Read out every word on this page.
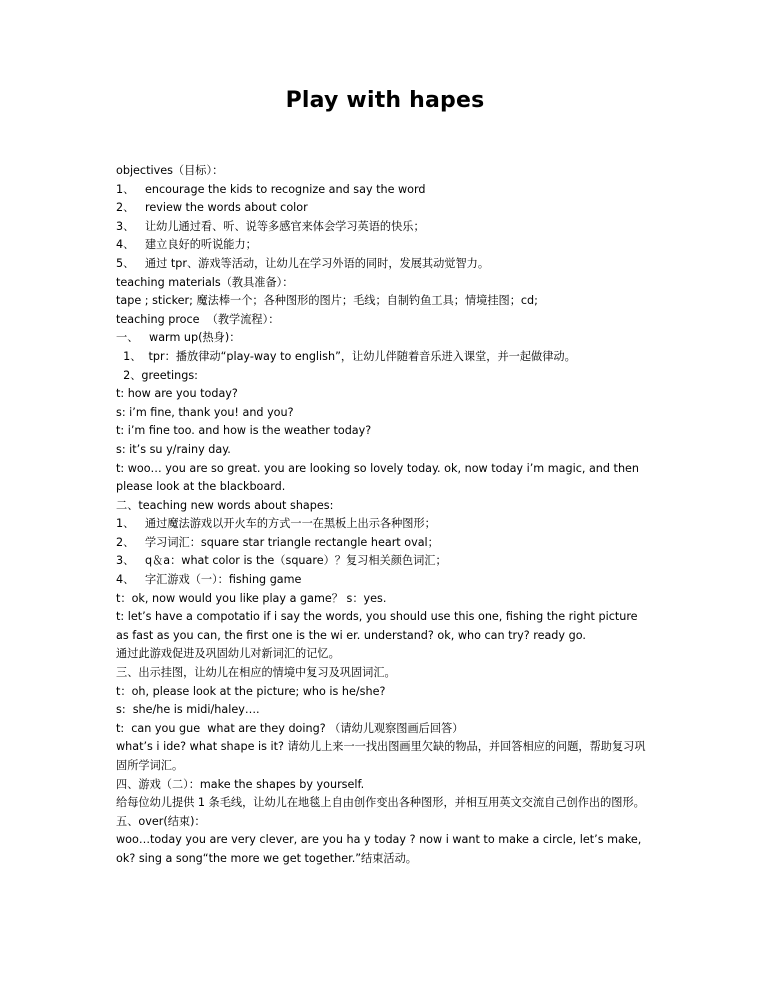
Play with hapes

objectives（目标）：

1、   encourage the kids to recognize and say the word

2、   review the words about color

3、   让幼儿通过看、听、说等多感官来体会学习英语的快乐；

4、   建立良好的听说能力；

5、   通过 tpr、游戏等活动，让幼儿在学习外语的同时，发展其动觉智力。

teaching materials（教具准备）：

tape ; sticker; 魔法棒一个；各种图形的图片；毛线；自制钓鱼工具；情境挂图；cd;

teaching proce  （教学流程）：

一、   warm up(热身)：

1、  tpr：播放律动“play-way to english”，让幼儿伴随着音乐进入课堂，并一起做律动。

2、greetings:

t: how are you today?

s: i’m fine, thank you! and you?

t: i’m fine too. and how is the weather today?

s: it’s su y/rainy day.

t: woo… you are so great. you are looking so lovely today. ok, now today i’m magic, and then please look at the blackboard.

二、teaching new words about shapes:

1、   通过魔法游戏以开火车的方式一一在黑板上出示各种图形；

2、   学习词汇：square star triangle rectangle heart oval；

3、   q＆a：what color is the（square）？复习相关颜色词汇；

4、   字汇游戏（一）：fishing game

t：ok, now would you like play a game？ s：yes.

t: let’s have a compotatio if i say the words, you should use this one, fishing the right picture as fast as you can, the first one is the wi er. understand? ok, who can try? ready go.

通过此游戏促进及巩固幼儿对新词汇的记忆。

三、出示挂图，让幼儿在相应的情境中复习及巩固词汇。

t：oh, please look at the picture; who is he/she?

s:  she/he is midi/haley….

t:  can you gue  what are they doing? （请幼儿观察图画后回答）

what’s i ide? what shape is it? 请幼儿上来一一找出图画里欠缺的物品，并回答相应的问题，帮助复习巩固所学词汇。

四、游戏（二）：make the shapes by yourself.

给每位幼儿提供 1 条毛线，让幼儿在地毯上自由创作变出各种图形，并相互用英文交流自己创作出的图形。

五、over(结束)：

woo…today you are very clever, are you ha y today ? now i want to make a circle, let’s make, ok? sing a song“the more we get together.”结束活动。
